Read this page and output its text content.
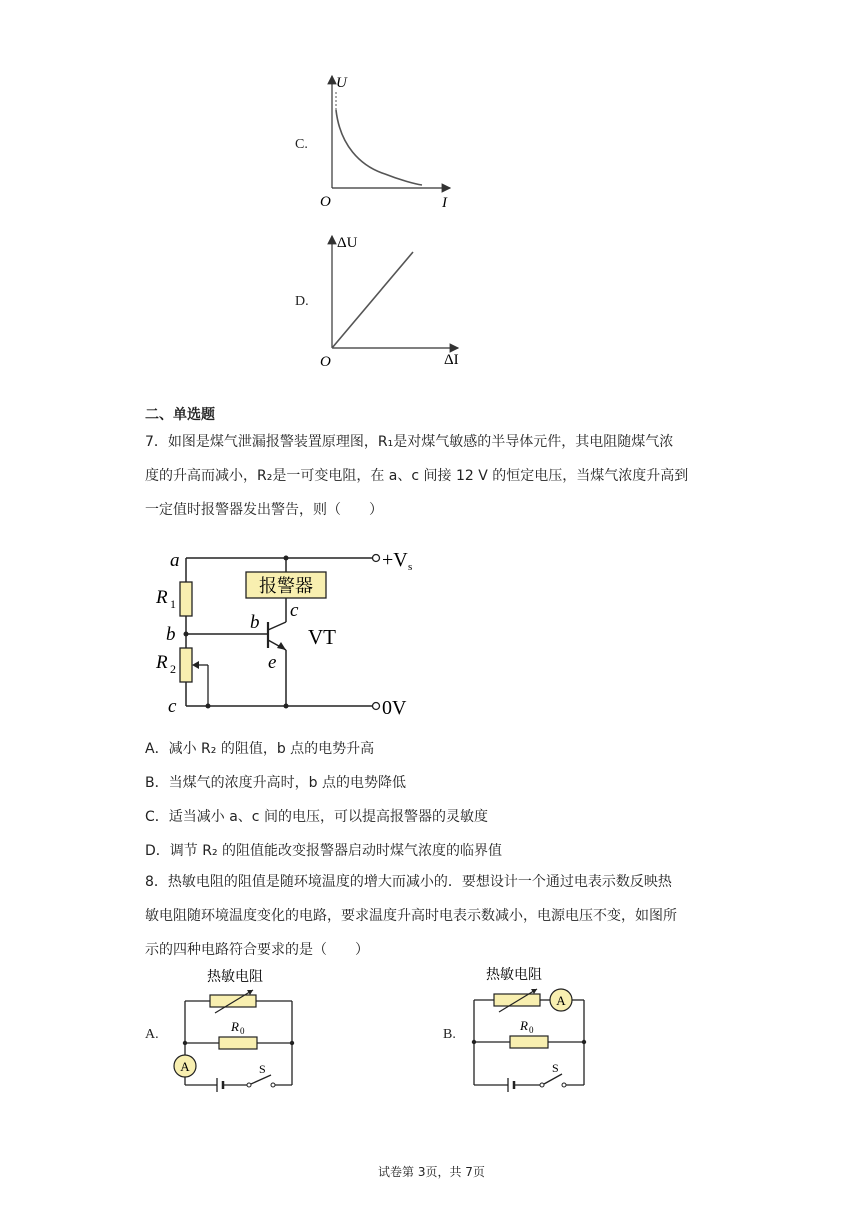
C.
U
O	I
D.
ΔU
O	ΔI
二、单选题
7．如图是煤气泄漏报警装置原理图，R₁是对煤气敏感的半导体元件，其电阻随煤气浓
度的升高而减小，R₂是一可变电阻，在 a、c 间接 12 V 的恒定电压，当煤气浓度升高到
一定值时报警器发出警告，则（　　）
报警器
a
b
c
R 1
R 2
c
b
e
VT
+V s
0V
A．减小 R₂ 的阻值，b 点的电势升高
B．当煤气的浓度升高时，b 点的电势降低
C．适当减小 a、c 间的电压，可以提高报警器的灵敏度
D．调节 R₂ 的阻值能改变报警器启动时煤气浓度的临界值
8．热敏电阻的阻值是随环境温度的增大而减小的．要想设计一个通过电表示数反映热
敏电阻随环境温度变化的电路，要求温度升高时电表示数减小，电源电压不变，如图所
示的四种电路符合要求的是（　　）
A.
热敏电阻
R 0
A	S
B.
热敏电阻
A
R 0
S
试卷第 3页，共 7页
